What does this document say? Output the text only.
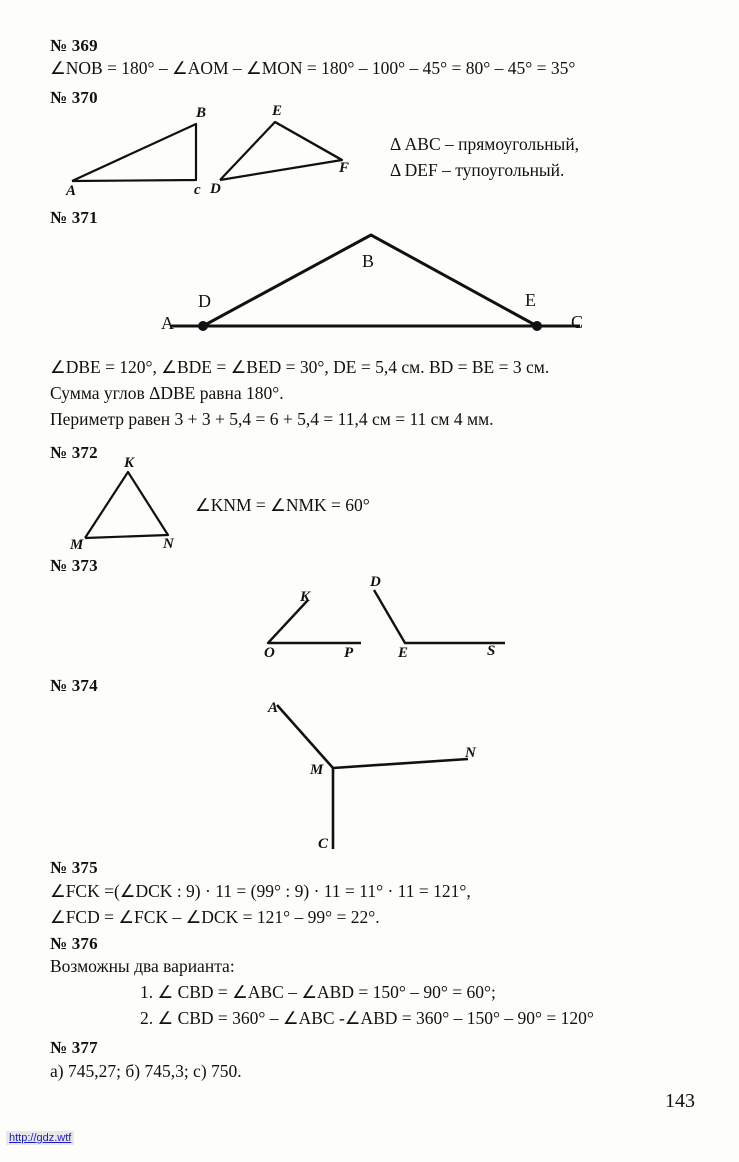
№ 369
∠NOB = 180° – ∠AOM – ∠MON = 180° – 100° – 45° = 80° – 45° = 35°
№ 370
A
B
c D
E
F
Δ ABC – прямоугольный,
Δ DEF – тупоугольный.
№ 371
A
B
C
D	E
∠DBE = 120°, ∠BDE = ∠BED = 30°, DE = 5,4 см. BD = BE = 3 см.
Сумма углов ΔDBE равна 180°.
Периметр равен 3 + 3 + 5,4 = 6 + 5,4 = 11,4 см = 11 см 4 мм.
№ 372
K
M	N
∠KNM = ∠NMK = 60°
№ 373
K
O	P
D
E	S
№ 374
A
M
N
C
№ 375
∠FCK =(∠DCK : 9) · 11 = (99° : 9) · 11 = 11° · 11 = 121°,
∠FCD = ∠FCK – ∠DCK = 121° – 99° = 22°.
№ 376
Возможны два варианта:
1. ∠ CBD = ∠ABC – ∠ABD = 150° – 90° = 60°;
2. ∠ CBD = 360° – ∠ABC -∠ABD = 360° – 150° – 90° = 120°
№ 377
а) 745,27; б) 745,3; с) 750.
143
http://gdz.wtf
